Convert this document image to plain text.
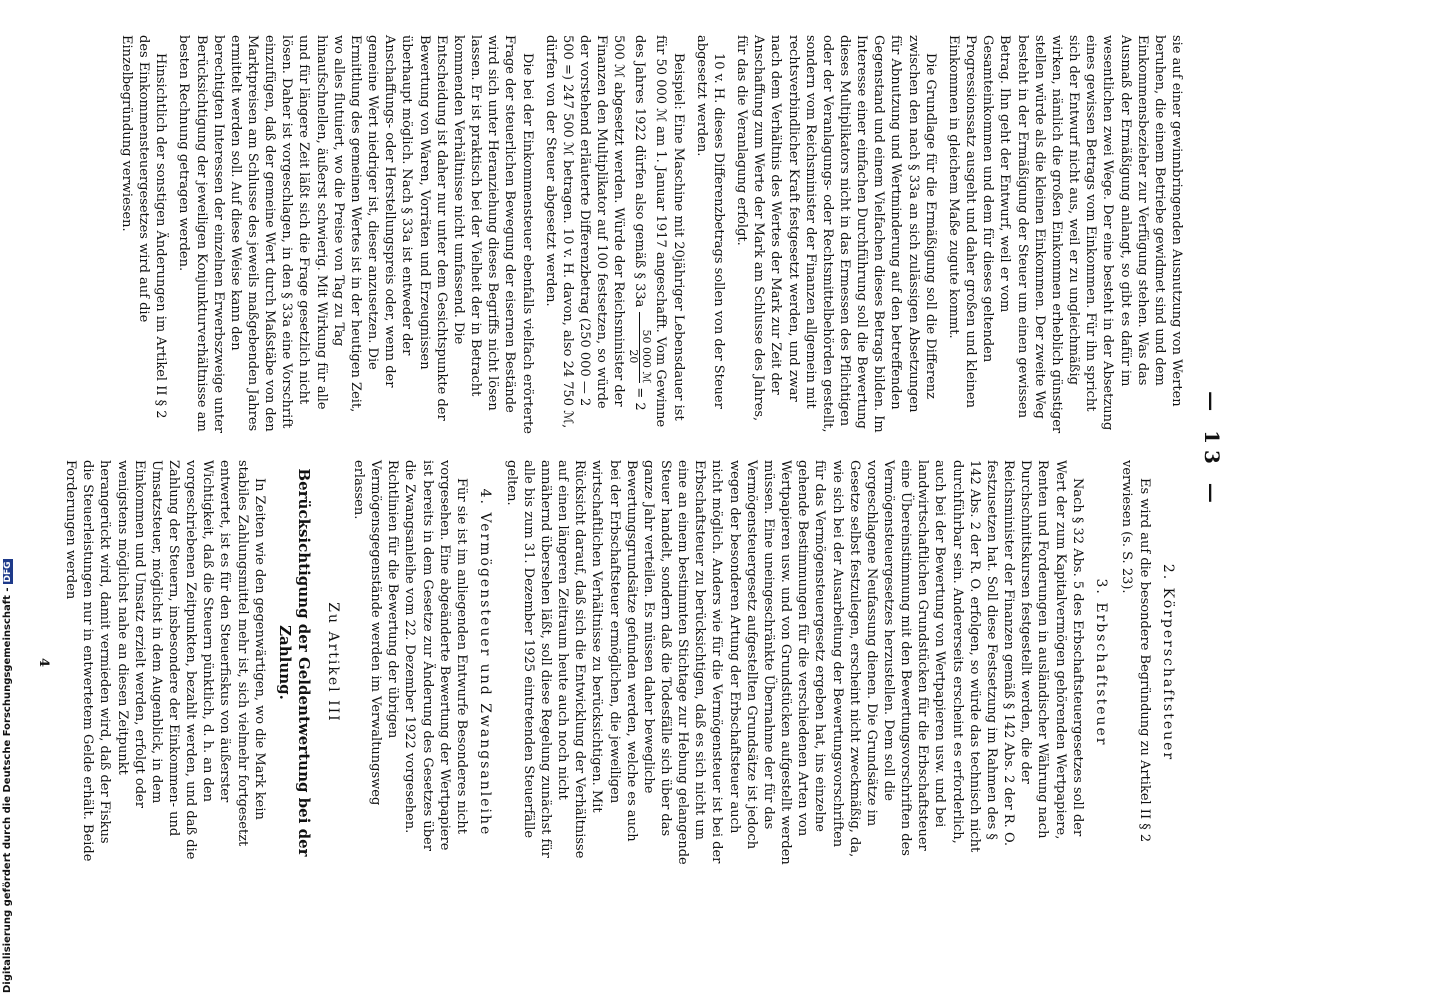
— 13 —

sie auf einer gewinnbringenden Ausnutzung von Werten beruhen, die einem Betriebe gewidmet sind und dem Einkommensbezieher zur Verfügung stehen. Was das Ausmaß der Ermäßigung anlangt, so gibt es dafür im wesentlichen zwei Wege. Der eine besteht in der Absetzung eines gewissen Betrags vom Einkommen. Für ihn spricht sich der Entwurf nicht aus, weil er zu ungleichmäßig wirken, nämlich die großen Einkommen erheblich günstiger stellen würde als die kleinen Einkommen. Der zweite Weg besteht in der Ermäßigung der Steuer um einen gewissen Betrag. Ihn geht der Entwurf, weil er vom Gesamteinkommen und dem für dieses geltenden Progressionssatz ausgeht und daher großen und kleinen Einkommen in gleichem Maße zugute kommt.

Die Grundlage für die Ermäßigung soll die Differenz zwischen den nach § 33a an sich zulässigen Absetzungen für Abnutzung und Wertminderung auf den betreffenden Gegenstand und einem Vielfachen dieses Betrags bilden. Im Interesse einer einfachen Durchführung soll die Bewertung dieses Multiplikators nicht in das Ermessen des Pflichtigen oder der Veranlagungs- oder Rechtsmittelbehörden gestellt, sondern vom Reichsminister der Finanzen allgemein mit rechtsverbindlicher Kraft festgesetzt werden, und zwar nach dem Verhältnis des Wertes der Mark zur Zeit der Anschaffung zum Werte der Mark am Schlusse des Jahres, für das die Veranlagung erfolgt.

10 v. H. dieses Differenzbetrags sollen von der Steuer abgesetzt werden.

Beispiel: Eine Maschine mit 20jähriger Lebensdauer ist für 50 000 ℳ am 1. Januar 1917 angeschafft. Vom Gewinne des Jahres 1922 dürfen also gemäß § 33a
50 000 ℳ
20
= 2 500 ℳ abgesetzt werden. Würde der Reichsminister der Finanzen den Multiplikator auf 100 festsetzen, so würde der vorstehend erläuterte Differenzbetrag (250 000 — 2 500 =) 247 500 ℳ betragen. 10 v. H. davon, also 24 750 ℳ, dürfen von der Steuer abgesetzt werden.

Die bei der Einkommensteuer ebenfalls vielfach erörterte Frage der steuerlichen Bewegung der eisernen Bestände wird sich unter Heranziehung dieses Begriffs nicht lösen lassen. Er ist praktisch bei der Vielheit der in Betracht kommenden Verhältnisse nicht umfassend. Die Entscheidung ist daher nur unter dem Gesichtspunkte der Bewertung von Waren, Vorräten und Erzeugnissen überhaupt möglich. Nach § 33a ist entweder der Anschaffungs- oder Herstellungspreis oder, wenn der gemeine Wert niedriger ist, dieser anzusetzen. Die Ermittlung des gemeinen Wertes ist in der heutigen Zeit, wo alles flutuiert, wo die Preise von Tag zu Tag hinaufschnellen, äußerst schwierig. Mit Wirkung für alle und für längere Zeit läßt sich die Frage gesetzlich nicht lösen. Daher ist vorgeschlagen, in den § 33a eine Vorschrift einzufügen, daß der gemeine Wert durch Maßstäbe von den Marktpreisen am Schlusse des jeweils maßgebenden Jahres ermittelt werden soll. Auf diese Weise kann den berechtigten Interessen der einzelnen Erwerbszweige unter Berücksichtigung der jeweiligen Konjunkturverhältnisse am besten Rechnung getragen werden.

Hinsichtlich der sonstigen Änderungen im Artikel II § 2 des Einkommensteuergesetzes wird auf die Einzelbegründung verwiesen.

2. Körperschaftsteuer

Es wird auf die besondere Begründung zu Artikel II § 2 verwiesen (s. S. 23).

3. Erbschaftsteuer

Nach § 32 Abs. 5 des Erbschaftsteuergesetzes soll der Wert der zum Kapitalvermögen gehörenden Wertpapiere, Renten und Forderungen in ausländischer Währung nach Durchschnittskursen festgestellt werden, die der Reichsminister der Finanzen gemäß § 142 Abs. 2 der R. O. festzusetzen hat. Soll diese Festsetzung im Rahmen des § 142 Abs. 2 der R. O. erfolgen, so würde das technisch nicht durchführbar sein. Andererseits erscheint es erforderlich, auch bei der Bewertung von Wertpapieren usw. und bei landwirtschaftlichen Grundstücken für die Erbschaftsteuer eine Übereinstimmung mit den Bewertungsvorschriften des Vermögensteuergesetzes herzustellen. Dem soll die vorgeschlagene Neufassung dienen. Die Grundsätze im Gesetze selbst festzulegen, erscheint nicht zweckmäßig, da, wie sich bei der Ausarbeitung der Bewertungsvorschriften für das Vermögensteuergesetz ergeben hat, ins einzelne gehende Bestimmungen für die verschiedenen Arten von Wertpapieren usw. und von Grundstücken aufgestellt werden müssen. Eine uneingeschränkte Übernahme der für das Vermögensteuergesetz aufgestellten Grundsätze ist jedoch wegen der besonderen Artung der Erbschaftsteuer auch nicht möglich. Anders wie für die Vermögensteuer ist bei der Erbschaftsteuer zu berücksichtigen, daß es sich nicht um eine an einem bestimmten Stichtage zur Hebung gelangende Steuer handelt, sondern daß die Todesfälle sich über das ganze Jahr verteilen. Es müssen daher bewegliche Bewertungsgrundsätze gefunden werden, welche es auch bei der Erbschaftsteuer ermöglichen, die jeweiligen wirtschaftlichen Verhältnisse zu berücksichtigen. Mit Rücksicht darauf, daß sich die Entwicklung der Verhältnisse auf einen längeren Zeitraum heute auch noch nicht annähernd übersehen läßt, soll diese Regelung zunächst für alle bis zum 31. Dezember 1925 eintretenden Steuerfälle gelten.

4. Vermögensteuer und Zwangsanleihe

Für sie ist im anliegenden Entwurfe Besonderes nicht vorgesehen. Eine abgeänderte Bewertung der Wertpapiere ist bereits in dem Gesetze zur Änderung des Gesetzes über die Zwangsanleihe vom 22. Dezember 1922 vorgesehen. Richtlinien für die Bewertung der übrigen Vermögensgegenstände werden im Verwaltungsweg erlassen.

Zu Artikel III
Berücksichtigung der Geldentwertung bei der Zahlung.

In Zeiten wie den gegenwärtigen, wo die Mark kein stabiles Zahlungsmittel mehr ist, sich vielmehr fortgesetzt entwertet, ist es für den Steuerfiskus von äußerster Wichtigkeit, daß die Steuern pünktlich, d. h. an den vorgeschriebenen Zeitpunkten, bezahlt werden, und daß die Zahlung der Steuern, insbesondere der Einkommen- und Umsatzsteuer, möglichst in dem Augenblick, in dem Einkommen und Umsatz erzielt werden, erfolgt oder wenigstens möglichst nahe an diesen Zeitpunkt herangerückt wird, damit vermieden wird, daß der Fiskus die Steuerleistungen nur in entwertetem Gelde erhält. Beide Forderungen werden

4
Digitalisierung gefördert durch die Deutsche Forschungsgemeinschaft -DFG
